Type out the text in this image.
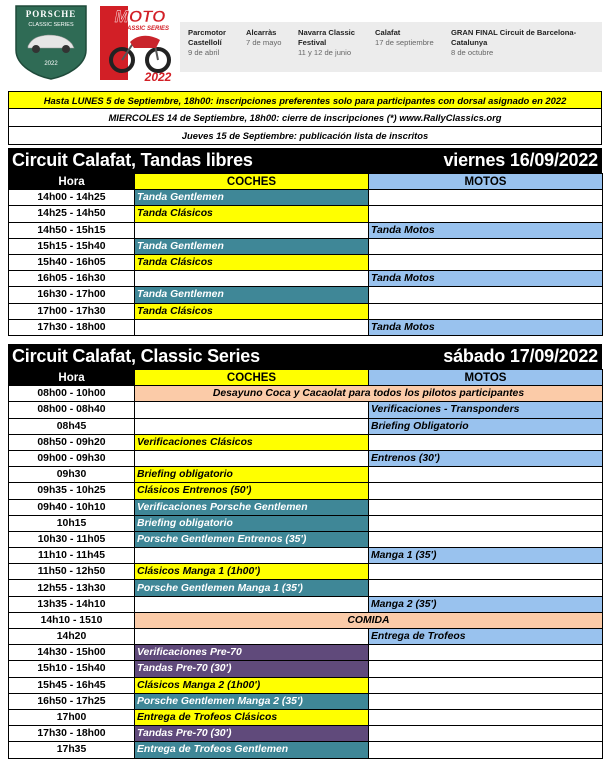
PORSCHE
CLASSIC SERIES
2022
MOTO
CLASSIC SERIES
2022
Parcmotor Castellolí
9 de abril
Alcarràs
7 de mayo
Navarra Classic Festival
11 y 12 de junio
Calafat
17 de septiembre
GRAN FINAL Circuit de Barcelona-Catalunya
8 de octubre
Hasta LUNES 5 de Septiembre, 18h00: inscripciones preferentes solo para participantes con dorsal asignado en 2022
MIERCOLES 14 de Septiembre, 18h00: cierre de inscripciones (*) www.RallyClassics.org
Jueves 15 de Septiembre: publicación lista de inscritos
Circuit Calafat, Tandas libres	viernes 16/09/2022
Hora	COCHES	MOTOS
14h00 - 14h25	Tanda Gentlemen	
14h25 - 14h50	Tanda Clásicos	
14h50 - 15h15		Tanda Motos
15h15 - 15h40	Tanda Gentlemen	
15h40 - 16h05	Tanda Clásicos	
16h05 - 16h30		Tanda Motos
16h30 - 17h00	Tanda Gentlemen	
17h00 - 17h30	Tanda Clásicos	
17h30 - 18h00		Tanda Motos
Circuit Calafat, Classic Series	sábado 17/09/2022
Hora	COCHES	MOTOS
08h00 - 10h00	Desayuno Coca y Cacaolat para todos los pilotos participantes	
08h00 - 08h40		Verificaciones - Transponders
08h45		Briefing Obligatorio
08h50 - 09h20	Verificaciones Clásicos	
09h00 - 09h30		Entrenos (30')
09h30	Briefing obligatorio	
09h35 - 10h25	Clásicos Entrenos (50')	
09h40 - 10h10	Verificaciones Porsche Gentlemen	
10h15	Briefing obligatorio	
10h30 - 11h05	Porsche Gentlemen Entrenos (35')	
11h10 - 11h45		Manga 1 (35')
11h50 - 12h50	Clásicos Manga 1 (1h00')	
12h55 - 13h30	Porsche Gentlemen Manga 1 (35')	
13h35 - 14h10		Manga 2 (35')
14h10 - 1510	COMIDA	
14h20		Entrega de Trofeos
14h30 - 15h00	Verificaciones Pre-70	
15h10 - 15h40	Tandas Pre-70 (30')	
15h45 - 16h45	Clásicos Manga 2 (1h00')	
16h50 - 17h25	Porsche Gentlemen Manga 2 (35')	
17h00	Entrega de Trofeos Clásicos	
17h30 - 18h00	Tandas Pre-70 (30')	
17h35	Entrega de Trofeos Gentlemen	
